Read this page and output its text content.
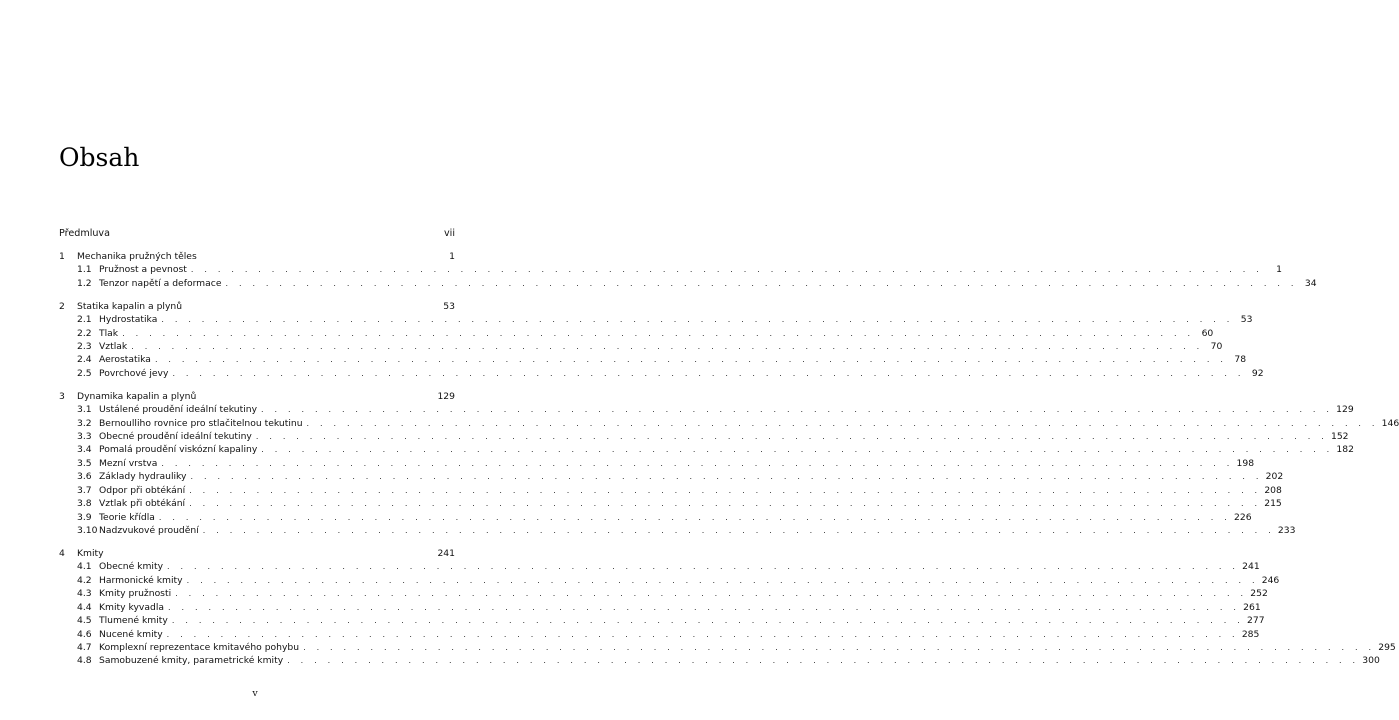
Obsah
Předmluva	vii
1	Mechanika pružných těles	1
1.1 Pružnost a pevnost . . . . . . . . . . . . . . . . . . . . . . . . . . . . . . . . . . . . . . . . . . . . . . . . . . . . . . . . . . . . . . . . . . . . . . . . . . . . . . . .	1
1.2 Tenzor napětí a deformace . . . . . . . . . . . . . . . . . . . . . . . . . . . . . . . . . . . . . . . . . . . . . . . . . . . . . . . . . . . . . . . . . . . . . . . . . . . . . . . . 34
2	Statika kapalin a plynů	53
2.1 Hydrostatika . . . . . . . . . . . . . . . . . . . . . . . . . . . . . . . . . . . . . . . . . . . . . . . . . . . . . . . . . . . . . . . . . . . . . . . . . . . . . . . . 53
2.2 Tlak . . . . . . . . . . . . . . . . . . . . . . . . . . . . . . . . . . . . . . . . . . . . . . . . . . . . . . . . . . . . . . . . . . . . . . . . . . . . . . . . 60
2.3 Vztlak . . . . . . . . . . . . . . . . . . . . . . . . . . . . . . . . . . . . . . . . . . . . . . . . . . . . . . . . . . . . . . . . . . . . . . . . . . . . . . . . 70
2.4 Aerostatika . . . . . . . . . . . . . . . . . . . . . . . . . . . . . . . . . . . . . . . . . . . . . . . . . . . . . . . . . . . . . . . . . . . . . . . . . . . . . . . . 78
2.5 Povrchové jevy . . . . . . . . . . . . . . . . . . . . . . . . . . . . . . . . . . . . . . . . . . . . . . . . . . . . . . . . . . . . . . . . . . . . . . . . . . . . . . . . 92
3	Dynamika kapalin a plynů	129
3.1 Ustálené proudění ideální tekutiny . . . . . . . . . . . . . . . . . . . . . . . . . . . . . . . . . . . . . . . . . . . . . . . . . . . . . . . . . . . . . . . . . . . . . . . . . . . . . . . . 129
3.2 Bernoulliho rovnice pro stlačitelnou tekutinu . . . . . . . . . . . . . . . . . . . . . . . . . . . . . . . . . . . . . . . . . . . . . . . . . . . . . . . . . . . . . . . . . . . . . . . . . . . . . . . . 146
3.3 Obecné proudění ideální tekutiny . . . . . . . . . . . . . . . . . . . . . . . . . . . . . . . . . . . . . . . . . . . . . . . . . . . . . . . . . . . . . . . . . . . . . . . . . . . . . . . . 152
3.4 Pomalá proudění viskózní kapaliny . . . . . . . . . . . . . . . . . . . . . . . . . . . . . . . . . . . . . . . . . . . . . . . . . . . . . . . . . . . . . . . . . . . . . . . . . . . . . . . . 182
3.5 Mezní vrstva . . . . . . . . . . . . . . . . . . . . . . . . . . . . . . . . . . . . . . . . . . . . . . . . . . . . . . . . . . . . . . . . . . . . . . . . . . . . . . . . 198
3.6 Základy hydrauliky . . . . . . . . . . . . . . . . . . . . . . . . . . . . . . . . . . . . . . . . . . . . . . . . . . . . . . . . . . . . . . . . . . . . . . . . . . . . . . . . 202
3.7 Odpor při obtékání . . . . . . . . . . . . . . . . . . . . . . . . . . . . . . . . . . . . . . . . . . . . . . . . . . . . . . . . . . . . . . . . . . . . . . . . . . . . . . . . 208
3.8 Vztlak při obtékání . . . . . . . . . . . . . . . . . . . . . . . . . . . . . . . . . . . . . . . . . . . . . . . . . . . . . . . . . . . . . . . . . . . . . . . . . . . . . . . . 215
3.9 Teorie křídla . . . . . . . . . . . . . . . . . . . . . . . . . . . . . . . . . . . . . . . . . . . . . . . . . . . . . . . . . . . . . . . . . . . . . . . . . . . . . . . . 226
3.10 Nadzvukové proudění . . . . . . . . . . . . . . . . . . . . . . . . . . . . . . . . . . . . . . . . . . . . . . . . . . . . . . . . . . . . . . . . . . . . . . . . . . . . . . . . 233
4	Kmity	241
4.1 Obecné kmity . . . . . . . . . . . . . . . . . . . . . . . . . . . . . . . . . . . . . . . . . . . . . . . . . . . . . . . . . . . . . . . . . . . . . . . . . . . . . . . . 241
4.2 Harmonické kmity . . . . . . . . . . . . . . . . . . . . . . . . . . . . . . . . . . . . . . . . . . . . . . . . . . . . . . . . . . . . . . . . . . . . . . . . . . . . . . . . 246
4.3 Kmity pružnosti . . . . . . . . . . . . . . . . . . . . . . . . . . . . . . . . . . . . . . . . . . . . . . . . . . . . . . . . . . . . . . . . . . . . . . . . . . . . . . . . 252
4.4 Kmity kyvadla . . . . . . . . . . . . . . . . . . . . . . . . . . . . . . . . . . . . . . . . . . . . . . . . . . . . . . . . . . . . . . . . . . . . . . . . . . . . . . . . 261
4.5 Tlumené kmity . . . . . . . . . . . . . . . . . . . . . . . . . . . . . . . . . . . . . . . . . . . . . . . . . . . . . . . . . . . . . . . . . . . . . . . . . . . . . . . . 277
4.6 Nucené kmity . . . . . . . . . . . . . . . . . . . . . . . . . . . . . . . . . . . . . . . . . . . . . . . . . . . . . . . . . . . . . . . . . . . . . . . . . . . . . . . . 285
4.7 Komplexní reprezentace kmitavého pohybu . . . . . . . . . . . . . . . . . . . . . . . . . . . . . . . . . . . . . . . . . . . . . . . . . . . . . . . . . . . . . . . . . . . . . . . . . . . . . . . . 295
4.8 Samobuzené kmity, parametrické kmity . . . . . . . . . . . . . . . . . . . . . . . . . . . . . . . . . . . . . . . . . . . . . . . . . . . . . . . . . . . . . . . . . . . . . . . . . . . . . . . . 300
v
